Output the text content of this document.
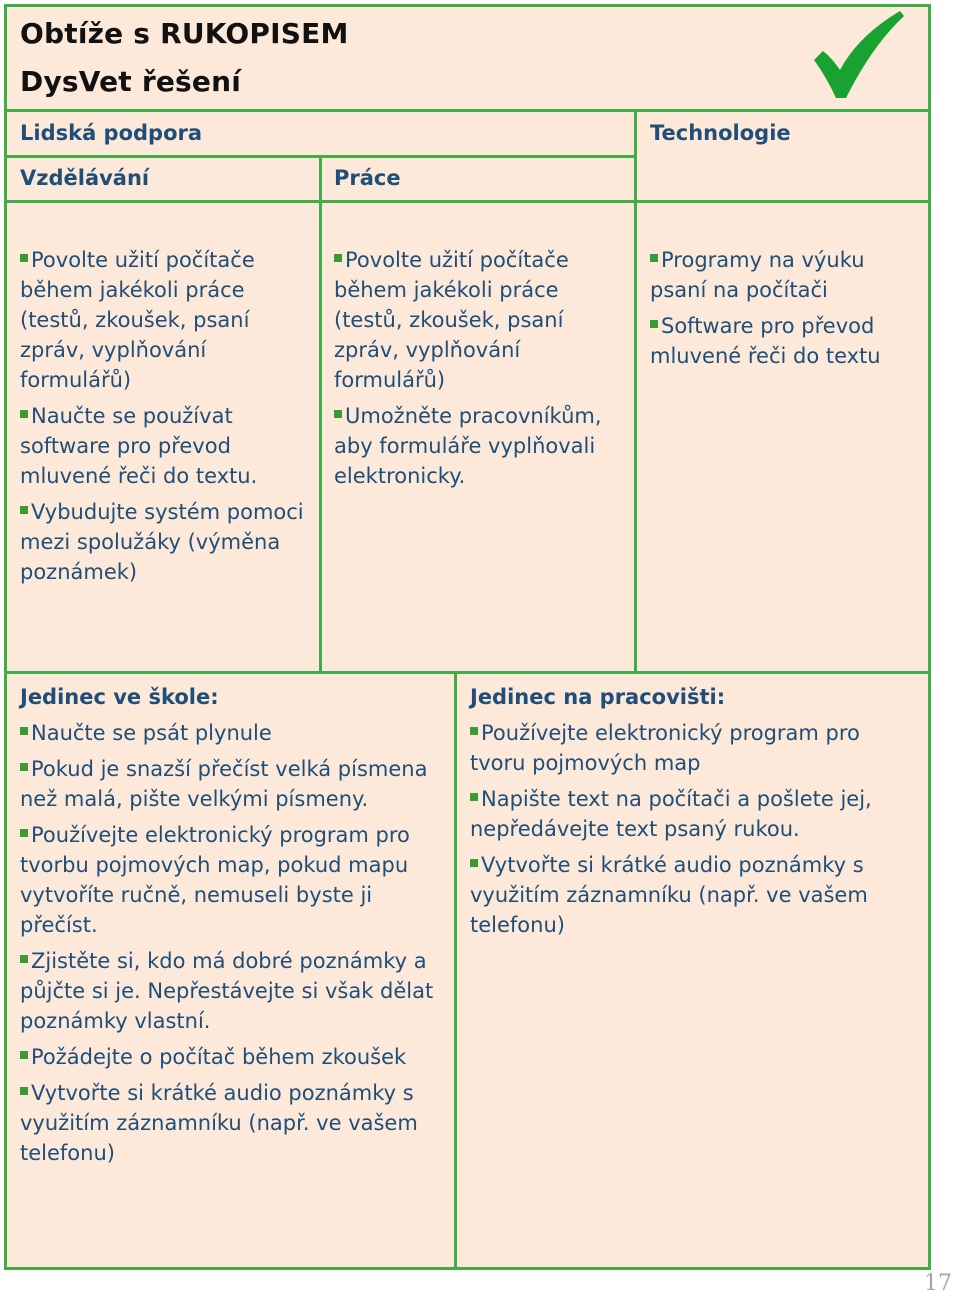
Obtíže s RUKOPISEM
DysVet řešení
Lidská podpora	Technologie
Vzdělávání	Práce

Povolte užití počítače během jakékoli práce (testů, zkoušek, psaní zpráv, vyplňování formulářů)

Naučte se používat software pro převod mluvené řeči do textu.

Vybudujte systém pomoci mezi spolužáky (výměna poznámek)

Povolte užití počítače během jakékoli práce (testů, zkoušek, psaní zpráv, vyplňování formulářů)

Umožněte pracovníkům, aby formuláře vyplňovali elektronicky.

Programy na výuku psaní na počítači

Software pro převod mluvené řeči do textu

Jedinec ve škole:

Naučte se psát plynule

Pokud je snazší přečíst velká písmena než malá, pište velkými písmeny.

Používejte elektronický program pro tvorbu pojmových map, pokud mapu vytvoříte ručně, nemuseli byste ji přečíst.

Zjistěte si, kdo má dobré poznámky a půjčte si je. Nepřestávejte si však dělat poznámky vlastní.

Požádejte o počítač během zkoušek

Vytvořte si krátké audio poznámky s využitím záznamníku (např. ve vašem telefonu)

Jedinec na pracovišti:

Používejte elektronický program pro tvoru pojmových map

Napište text na počítači a pošlete jej, nepředávejte text psaný rukou.

Vytvořte si krátké audio poznámky s využitím záznamníku (např. ve vašem telefonu)

17
